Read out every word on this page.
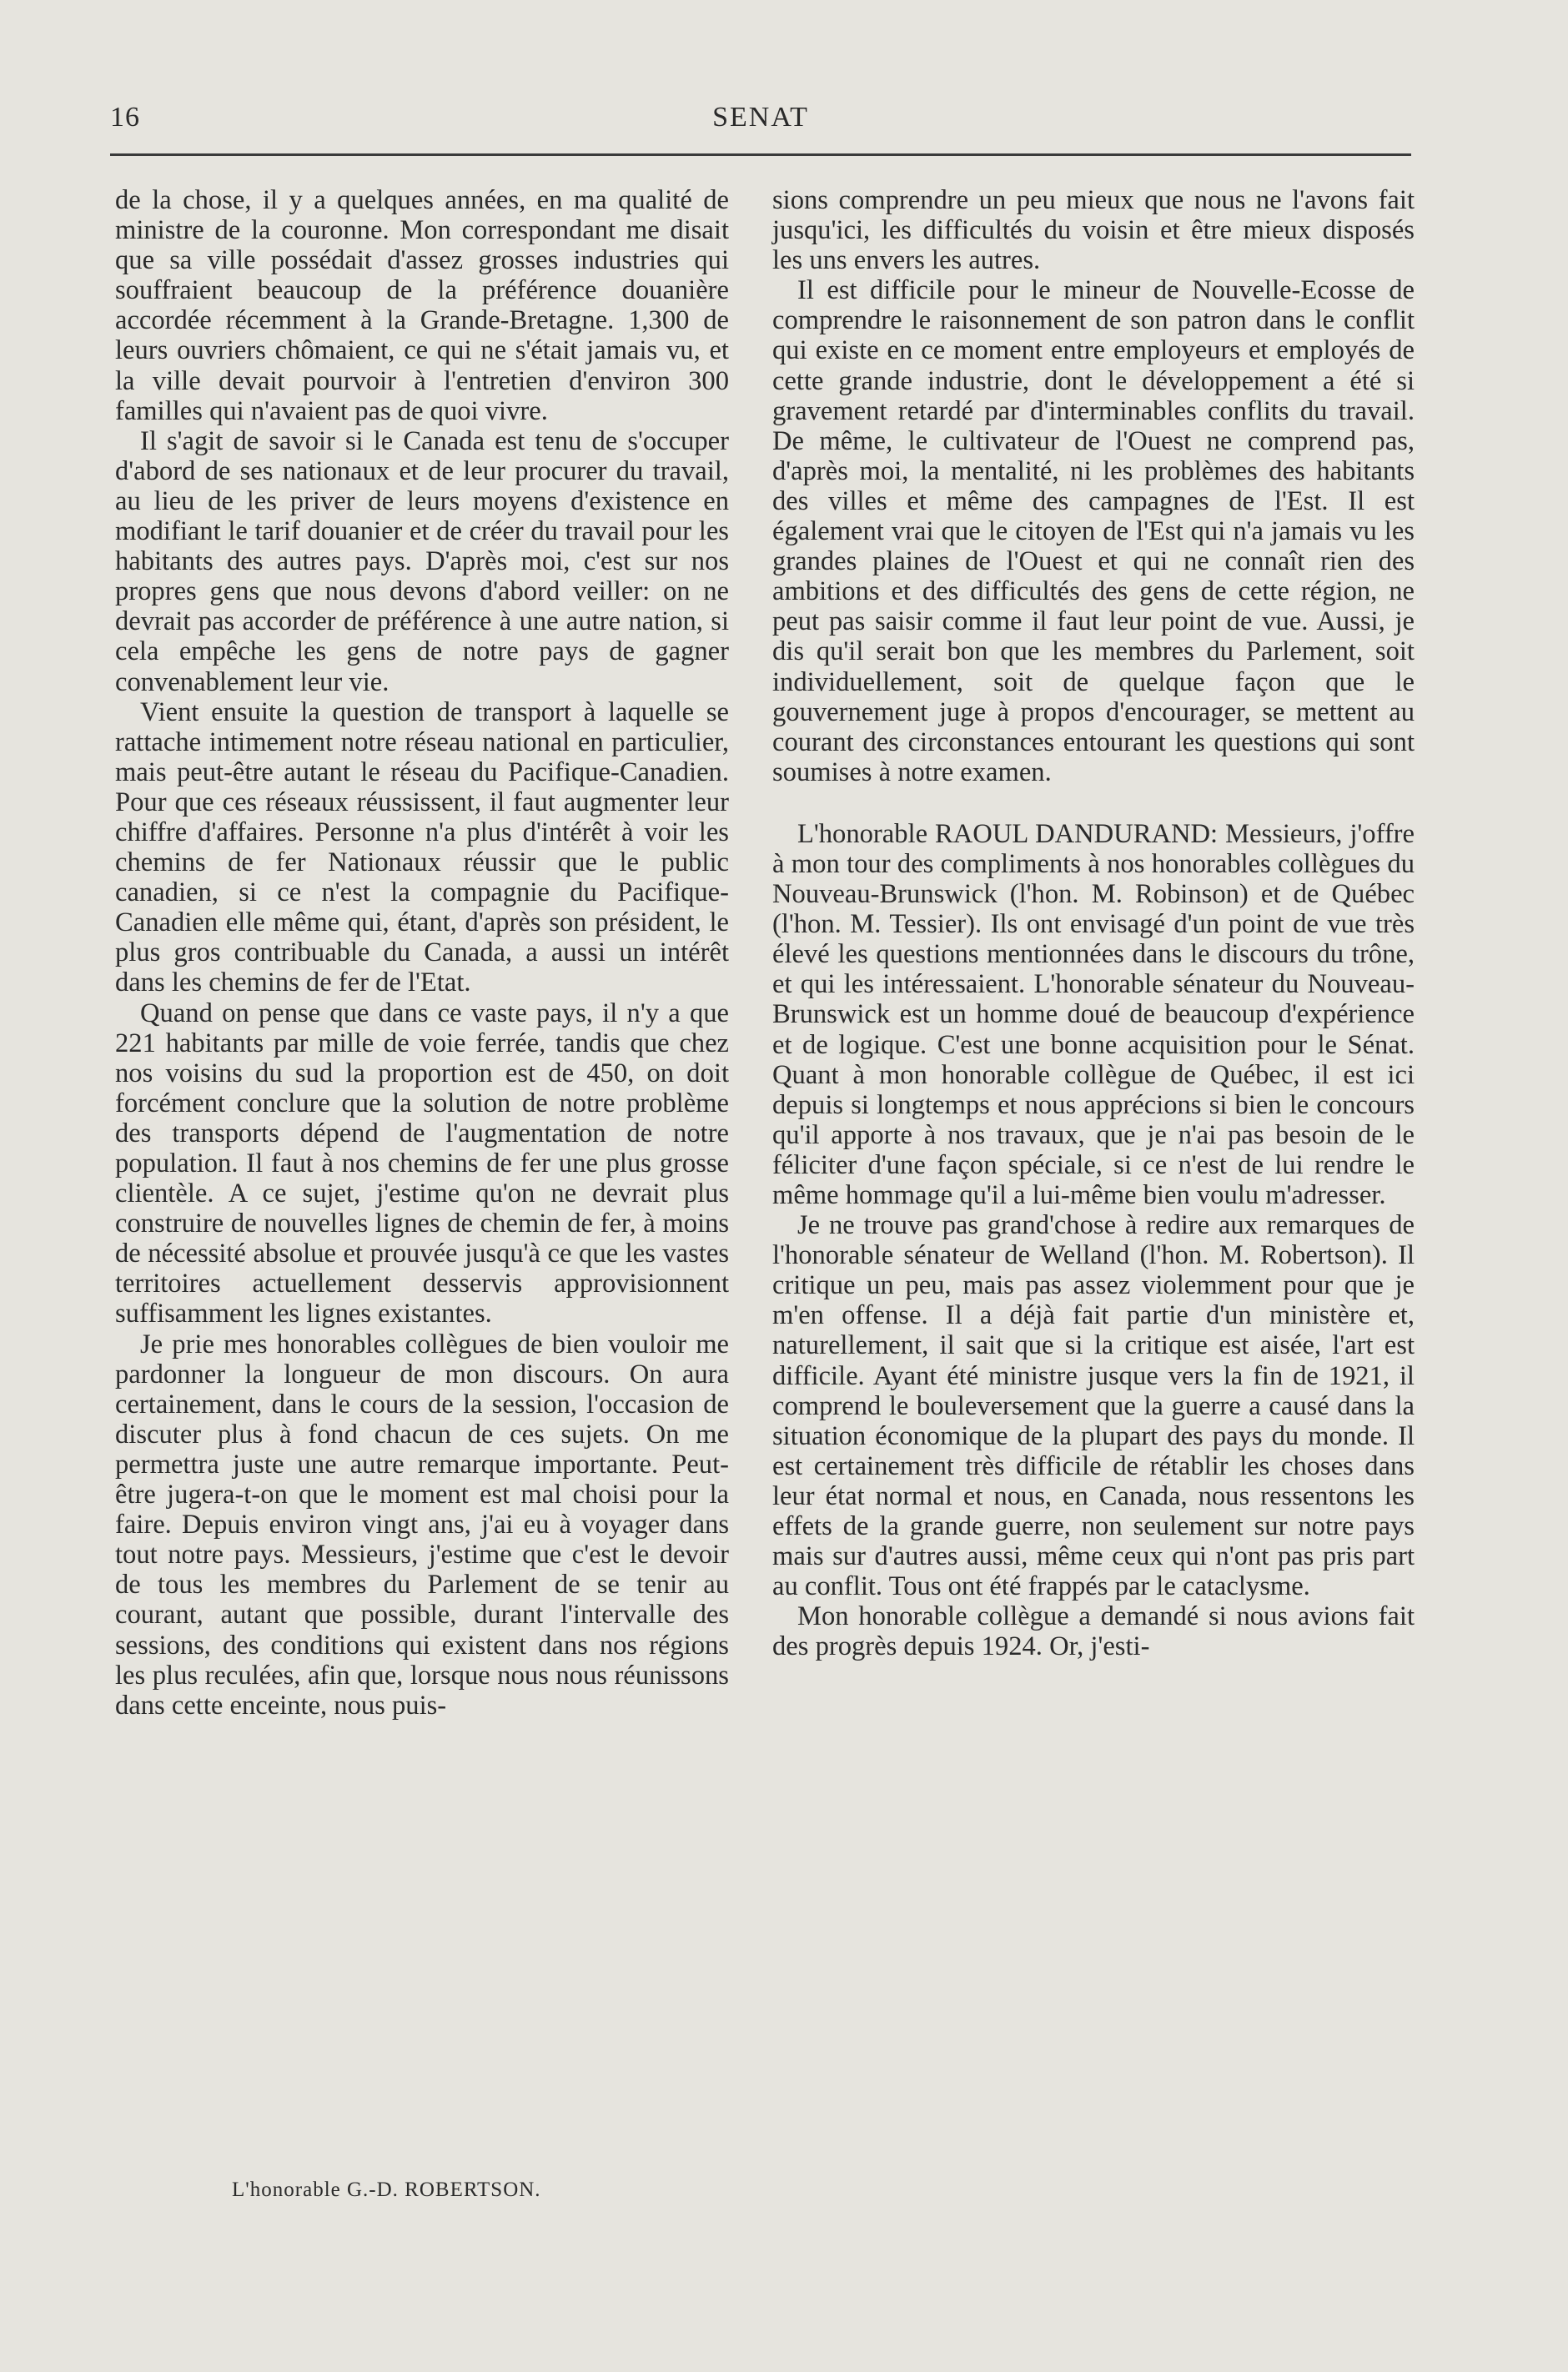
16	SENAT

de la chose, il y a quelques années, en ma qualité de ministre de la couronne. Mon correspondant me disait que sa ville possédait d'assez grosses industries qui souffraient beaucoup de la préférence douanière accordée récemment à la Grande-Bretagne. 1,300 de leurs ouvriers chômaient, ce qui ne s'était jamais vu, et la ville devait pourvoir à l'entretien d'environ 300 familles qui n'avaient pas de quoi vivre.

Il s'agit de savoir si le Canada est tenu de s'occuper d'abord de ses nationaux et de leur procurer du travail, au lieu de les priver de leurs moyens d'existence en modifiant le tarif douanier et de créer du travail pour les habitants des autres pays. D'après moi, c'est sur nos propres gens que nous devons d'abord veiller: on ne devrait pas accorder de préférence à une autre nation, si cela empêche les gens de notre pays de gagner convenablement leur vie.

Vient ensuite la question de transport à laquelle se rattache intimement notre réseau national en particulier, mais peut-être autant le réseau du Pacifique-Canadien. Pour que ces réseaux réussissent, il faut augmenter leur chiffre d'affaires. Personne n'a plus d'intérêt à voir les chemins de fer Nationaux réussir que le public canadien, si ce n'est la compagnie du Pacifique-Canadien elle même qui, étant, d'après son président, le plus gros contribuable du Canada, a aussi un intérêt dans les chemins de fer de l'Etat.

Quand on pense que dans ce vaste pays, il n'y a que 221 habitants par mille de voie ferrée, tandis que chez nos voisins du sud la proportion est de 450, on doit forcément conclure que la solution de notre problème des transports dépend de l'augmentation de notre population. Il faut à nos chemins de fer une plus grosse clientèle. A ce sujet, j'estime qu'on ne devrait plus construire de nouvelles lignes de chemin de fer, à moins de nécessité absolue et prouvée jusqu'à ce que les vastes territoires actuellement desservis approvisionnent suffisamment les lignes existantes.

Je prie mes honorables collègues de bien vouloir me pardonner la longueur de mon discours. On aura certainement, dans le cours de la session, l'occasion de discuter plus à fond chacun de ces sujets. On me permettra juste une autre remarque importante. Peut-être jugera-t-on que le moment est mal choisi pour la faire. Depuis environ vingt ans, j'ai eu à voyager dans tout notre pays. Messieurs, j'estime que c'est le devoir de tous les membres du Parlement de se tenir au courant, autant que possible, durant l'intervalle des sessions, des conditions qui existent dans nos régions les plus reculées, afin que, lorsque nous nous réunissons dans cette enceinte, nous puis-

L'honorable G.-D. ROBERTSON.

sions comprendre un peu mieux que nous ne l'avons fait jusqu'ici, les difficultés du voisin et être mieux disposés les uns envers les autres.

Il est difficile pour le mineur de Nouvelle-Ecosse de comprendre le raisonnement de son patron dans le conflit qui existe en ce moment entre employeurs et employés de cette grande industrie, dont le développement a été si gravement retardé par d'interminables conflits du travail. De même, le cultivateur de l'Ouest ne comprend pas, d'après moi, la mentalité, ni les problèmes des habitants des villes et même des campagnes de l'Est. Il est également vrai que le citoyen de l'Est qui n'a jamais vu les grandes plaines de l'Ouest et qui ne connaît rien des ambitions et des difficultés des gens de cette région, ne peut pas saisir comme il faut leur point de vue. Aussi, je dis qu'il serait bon que les membres du Parlement, soit individuellement, soit de quelque façon que le gouvernement juge à propos d'encourager, se mettent au courant des circonstances entourant les questions qui sont soumises à notre examen.

L'honorable RAOUL DANDURAND: Messieurs, j'offre à mon tour des compliments à nos honorables collègues du Nouveau-Brunswick (l'hon. M. Robinson) et de Québec (l'hon. M. Tessier). Ils ont envisagé d'un point de vue très élevé les questions mentionnées dans le discours du trône, et qui les intéressaient. L'honorable sénateur du Nouveau-Brunswick est un homme doué de beaucoup d'expérience et de logique. C'est une bonne acquisition pour le Sénat. Quant à mon honorable collègue de Québec, il est ici depuis si longtemps et nous apprécions si bien le concours qu'il apporte à nos travaux, que je n'ai pas besoin de le féliciter d'une façon spéciale, si ce n'est de lui rendre le même hommage qu'il a lui-même bien voulu m'adresser.

Je ne trouve pas grand'chose à redire aux remarques de l'honorable sénateur de Welland (l'hon. M. Robertson). Il critique un peu, mais pas assez violemment pour que je m'en offense. Il a déjà fait partie d'un ministère et, naturellement, il sait que si la critique est aisée, l'art est difficile. Ayant été ministre jusque vers la fin de 1921, il comprend le bouleversement que la guerre a causé dans la situation économique de la plupart des pays du monde. Il est certainement très difficile de rétablir les choses dans leur état normal et nous, en Canada, nous ressentons les effets de la grande guerre, non seulement sur notre pays mais sur d'autres aussi, même ceux qui n'ont pas pris part au conflit. Tous ont été frappés par le cataclysme.

Mon honorable collègue a demandé si nous avions fait des progrès depuis 1924. Or, j'esti-
